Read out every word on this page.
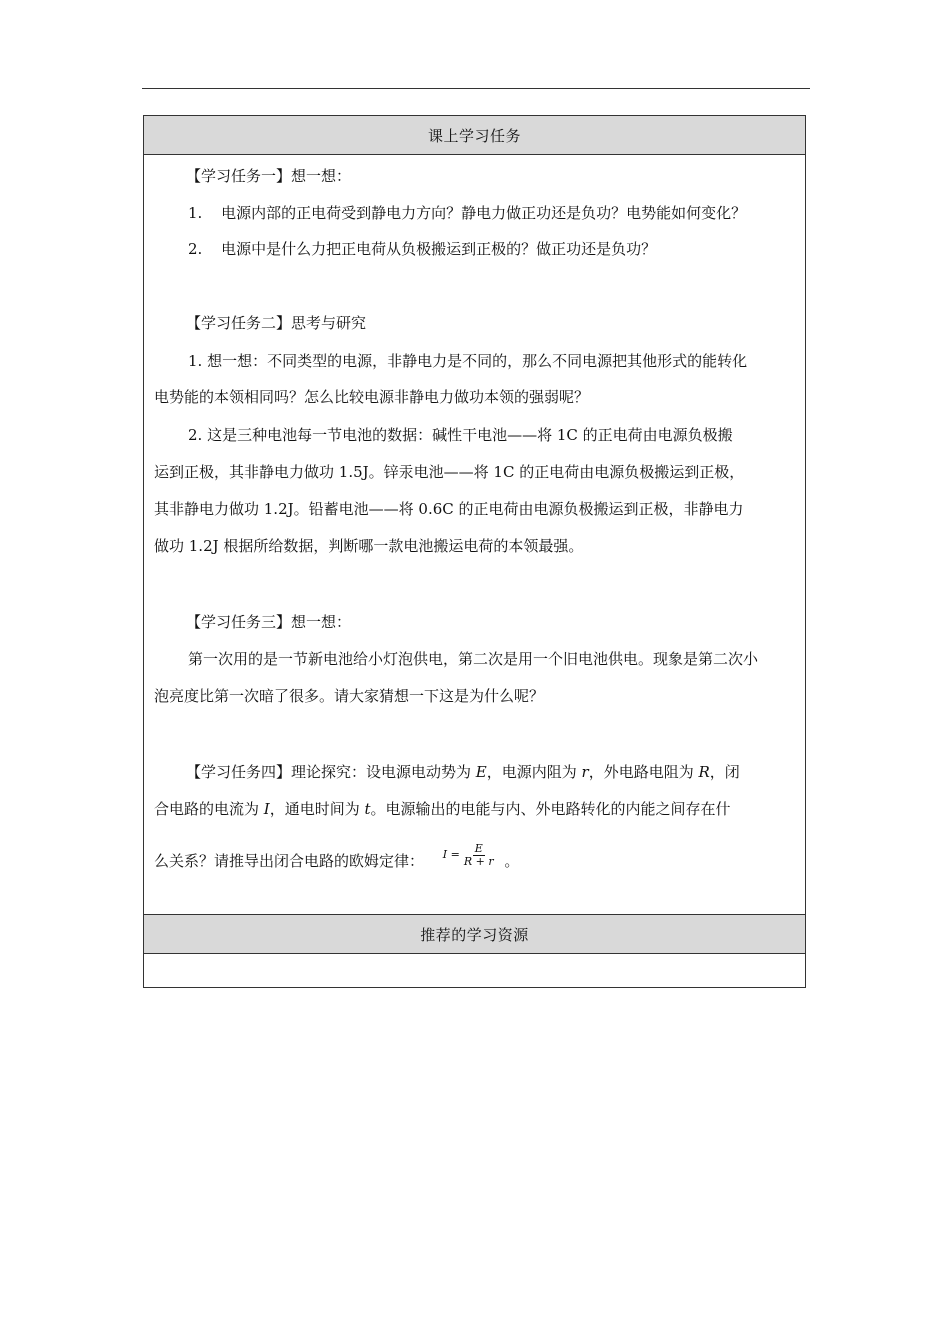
课上学习任务
【学习任务一】想一想：
1. 电源内部的正电荷受到静电力方向？静电力做正功还是负功？电势能如何变化？
2. 电源中是什么力把正电荷从负极搬运到正极的？做正功还是负功？
【学习任务二】思考与研究
1. 想一想：不同类型的电源，非静电力是不同的，那么不同电源把其他形式的能转化
电势能的本领相同吗？怎么比较电源非静电力做功本领的强弱呢？
2. 这是三种电池每一节电池的数据：碱性干电池——将 1C 的正电荷由电源负极搬
运到正极，其非静电力做功 1.5J。锌汞电池——将 1C 的正电荷由电源负极搬运到正极，
其非静电力做功 1.2J。铅蓄电池——将 0.6C 的正电荷由电源负极搬运到正极，非静电力
做功 1.2J 根据所给数据，判断哪一款电池搬运电荷的本领最强。
【学习任务三】想一想：
第一次用的是一节新电池给小灯泡供电，第二次是用一个旧电池供电。现象是第二次小
泡亮度比第一次暗了很多。请大家猜想一下这是为什么呢？
【学习任务四】理论探究：设电源电动势为 E，电源内阻为 r，外电路电阻为 R，闭
合电路的电流为 I，通电时间为 t。电源输出的电能与内、外电路转化的内能之间存在什
么关系？请推导出闭合电路的欧姆定律： $I = \frac{E}{R + r}$ 。
推荐的学习资源
